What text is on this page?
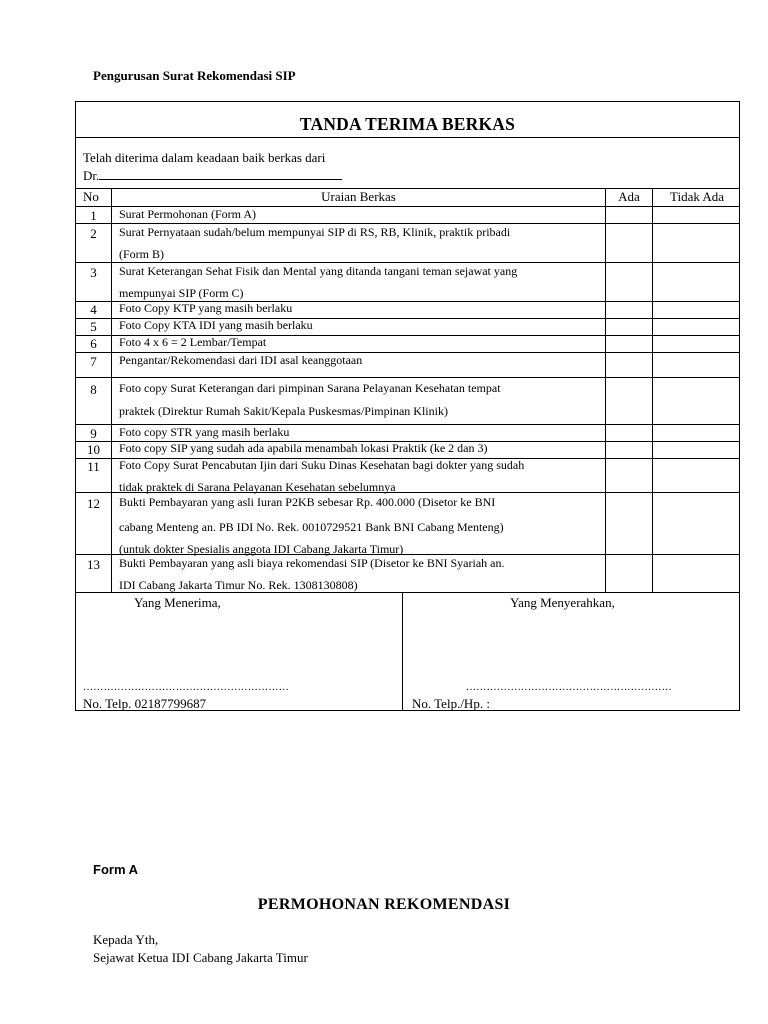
Pengurusan Surat Rekomendasi SIP
TANDA TERIMA BERKAS
Telah diterima dalam keadaan baik berkas dari
Dr.
No	Uraian Berkas	Ada	Tidak Ada
1	Surat Permohonan (Form A)
2	Surat Pernyataan sudah/belum mempunyai SIP di RS, RB, Klinik, praktik pribadi
(Form B)
3	Surat Keterangan Sehat Fisik dan Mental yang ditanda tangani teman sejawat yang
mempunyai SIP (Form C)
4	Foto Copy KTP yang masih berlaku
5	Foto Copy KTA IDI yang masih berlaku
6	Foto 4 x 6 = 2 Lembar/Tempat
7	Pengantar/Rekomendasi dari IDI asal keanggotaan
8	Foto copy Surat Keterangan dari pimpinan Sarana Pelayanan Kesehatan tempat
praktek (Direktur Rumah Sakit/Kepala Puskesmas/Pimpinan Klinik)
9	Foto copy STR yang masih berlaku
10	Foto copy SIP yang sudah ada apabila menambah lokasi Praktik (ke 2 dan 3)
11	Foto Copy Surat Pencabutan Ijin dari Suku Dinas Kesehatan bagi dokter yang sudah
tidak praktek di Sarana Pelayanan Kesehatan sebelumnya
12	Bukti Pembayaran yang asli Iuran P2KB sebesar Rp. 400.000 (Disetor ke BNI
cabang Menteng an. PB IDI No. Rek. 0010729521 Bank BNI Cabang Menteng)
(untuk dokter Spesialis anggota IDI Cabang Jakarta Timur)
13	Bukti Pembayaran yang asli biaya rekomendasi SIP (Disetor ke BNI Syariah an.
IDI Cabang Jakarta Timur No. Rek. 1308130808)
Yang Menerima,	Yang Menyerahkan,
……………………………………………………	……………………………………………………
No. Telp. 02187799687	No. Telp./Hp. :
Form A
PERMOHONAN REKOMENDASI
Kepada Yth,
Sejawat Ketua IDI Cabang Jakarta Timur
